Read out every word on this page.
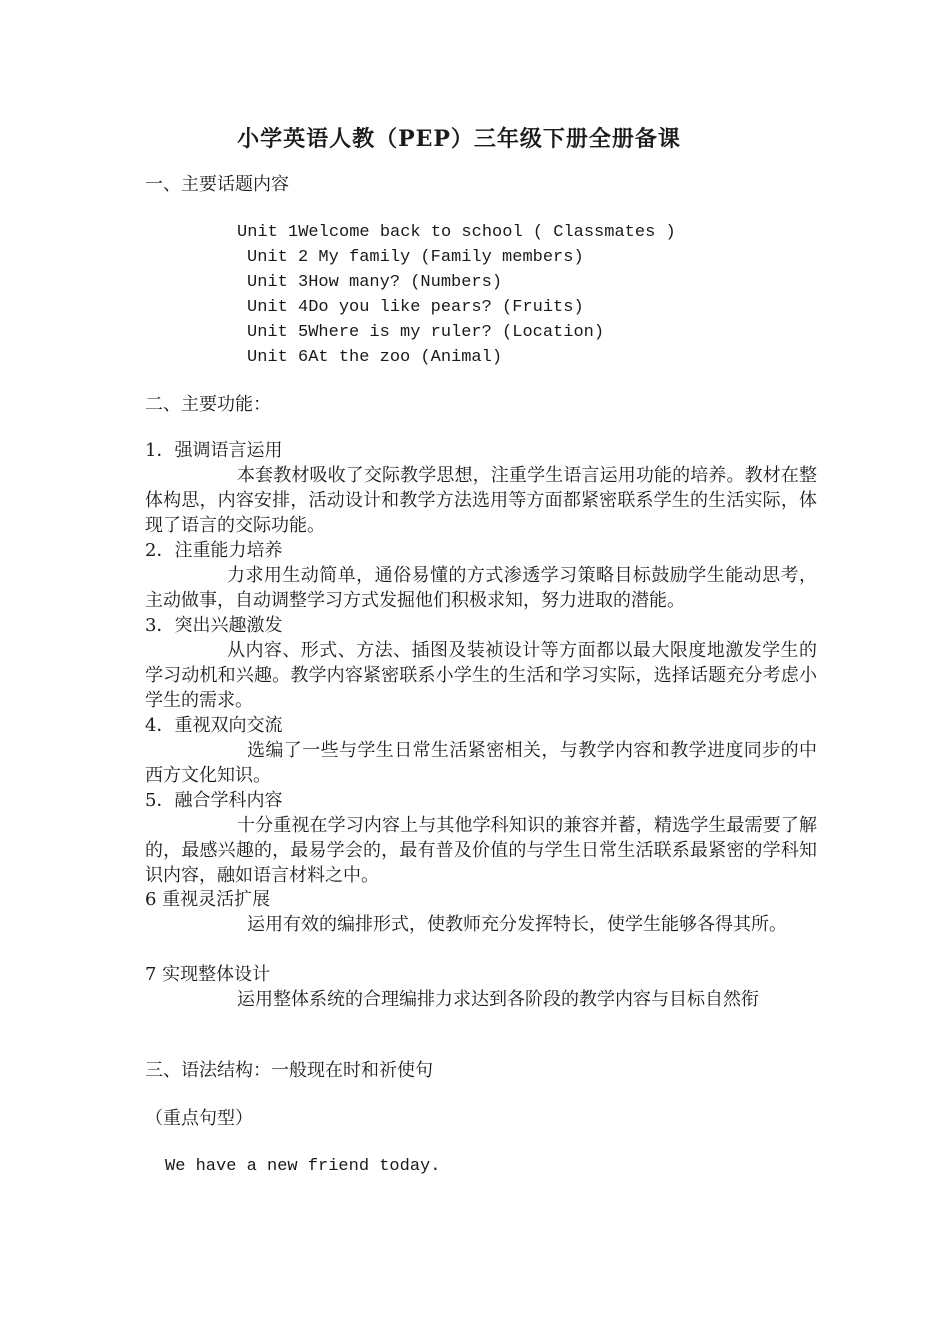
小学英语人教（PEP）三年级下册全册备课
一、主要话题内容
Unit 1Welcome back to school ( Classmates )
Unit 2 My family (Family members)
Unit 3How many? (Numbers)
Unit 4Do you like pears? (Fruits)
Unit 5Where is my ruler? (Location)
Unit 6At the zoo (Animal)
二、主要功能：
1．强调语言运用
本套教材吸收了交际教学思想，注重学生语言运用功能的培养。教材在整体构思，内容安排，活动设计和教学方法选用等方面都紧密联系学生的生活实际，体现了语言的交际功能。
2．注重能力培养
力求用生动简单，通俗易懂的方式渗透学习策略目标鼓励学生能动思考，主动做事，自动调整学习方式发掘他们积极求知，努力进取的潜能。
3．突出兴趣激发
从内容、形式、方法、插图及装祯设计等方面都以最大限度地激发学生的学习动机和兴趣。教学内容紧密联系小学生的生活和学习实际，选择话题充分考虑小学生的需求。
4．重视双向交流
选编了一些与学生日常生活紧密相关，与教学内容和教学进度同步的中西方文化知识。
5．融合学科内容
十分重视在学习内容上与其他学科知识的兼容并蓄，精选学生最需要了解的，最感兴趣的，最易学会的，最有普及价值的与学生日常生活联系最紧密的学科知识内容，融如语言材料之中。
6 重视灵活扩展
运用有效的编排形式，使教师充分发挥特长，使学生能够各得其所。
7 实现整体设计
运用整体系统的合理编排力求达到各阶段的教学内容与目标自然衔
三、语法结构：一般现在时和祈使句
（重点句型）
We have a new friend today.
